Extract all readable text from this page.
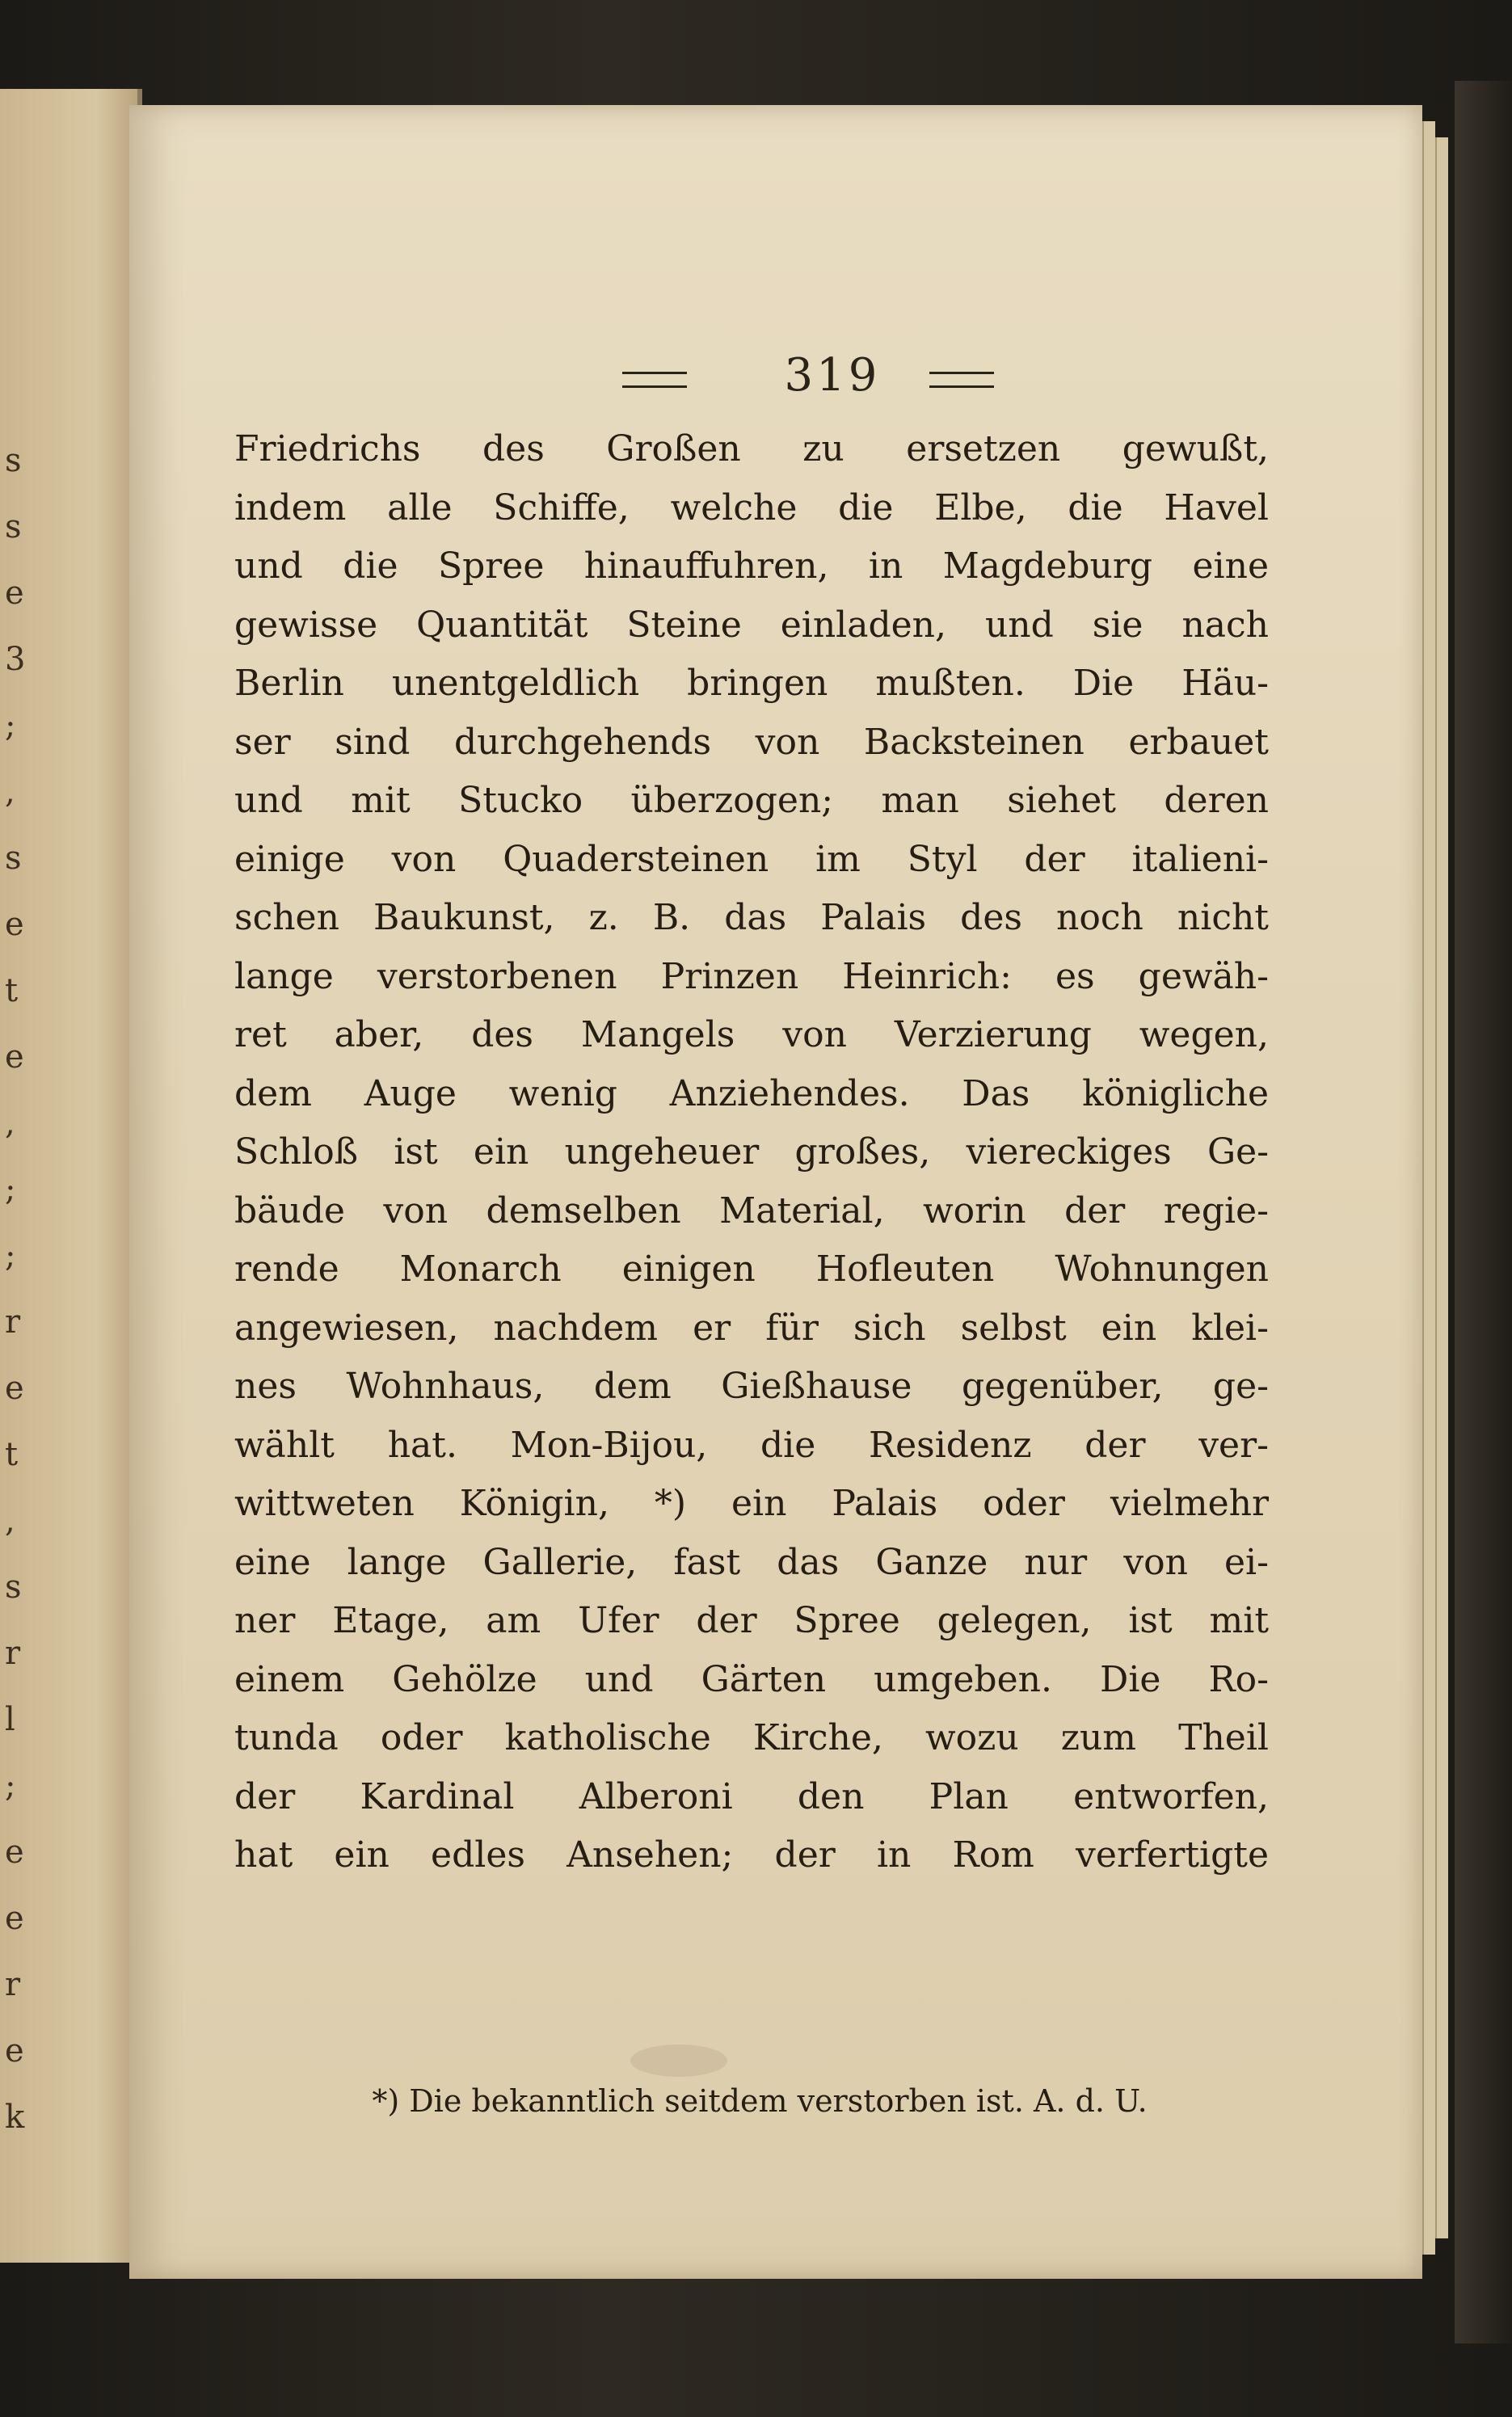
s
s
e
3
;
,
s
e
t
e
,
;
;
r
e
t
,
s
r
l
;
e
e
r
e
k
319
Friedrichs des Großen zu ersetzen gewußt,
indem alle Schiffe, welche die Elbe, die Havel
und die Spree hinauffuhren, in Magdeburg eine
gewisse Quantität Steine einladen, und sie nach
Berlin unentgeldlich bringen mußten. Die Häu-
ser sind durchgehends von Backsteinen erbauet
und mit Stucko überzogen; man siehet deren
einige von Quadersteinen im Styl der italieni-
schen Baukunst, z. B. das Palais des noch nicht
lange verstorbenen Prinzen Heinrich: es gewäh-
ret aber, des Mangels von Verzierung wegen,
dem Auge wenig Anziehendes. Das königliche
Schloß ist ein ungeheuer großes, viereckiges Ge-
bäude von demselben Material, worin der regie-
rende Monarch einigen Hofleuten Wohnungen
angewiesen, nachdem er für sich selbst ein klei-
nes Wohnhaus, dem Gießhause gegenüber, ge-
wählt hat. Mon-Bijou, die Residenz der ver-
wittweten Königin, *) ein Palais oder vielmehr
eine lange Gallerie, fast das Ganze nur von ei-
ner Etage, am Ufer der Spree gelegen, ist mit
einem Gehölze und Gärten umgeben. Die Ro-
tunda oder katholische Kirche, wozu zum Theil
der Kardinal Alberoni den Plan entworfen,
hat ein edles Ansehen; der in Rom verfertigte
*) Die bekanntlich seitdem verstorben ist. A. d. U.
